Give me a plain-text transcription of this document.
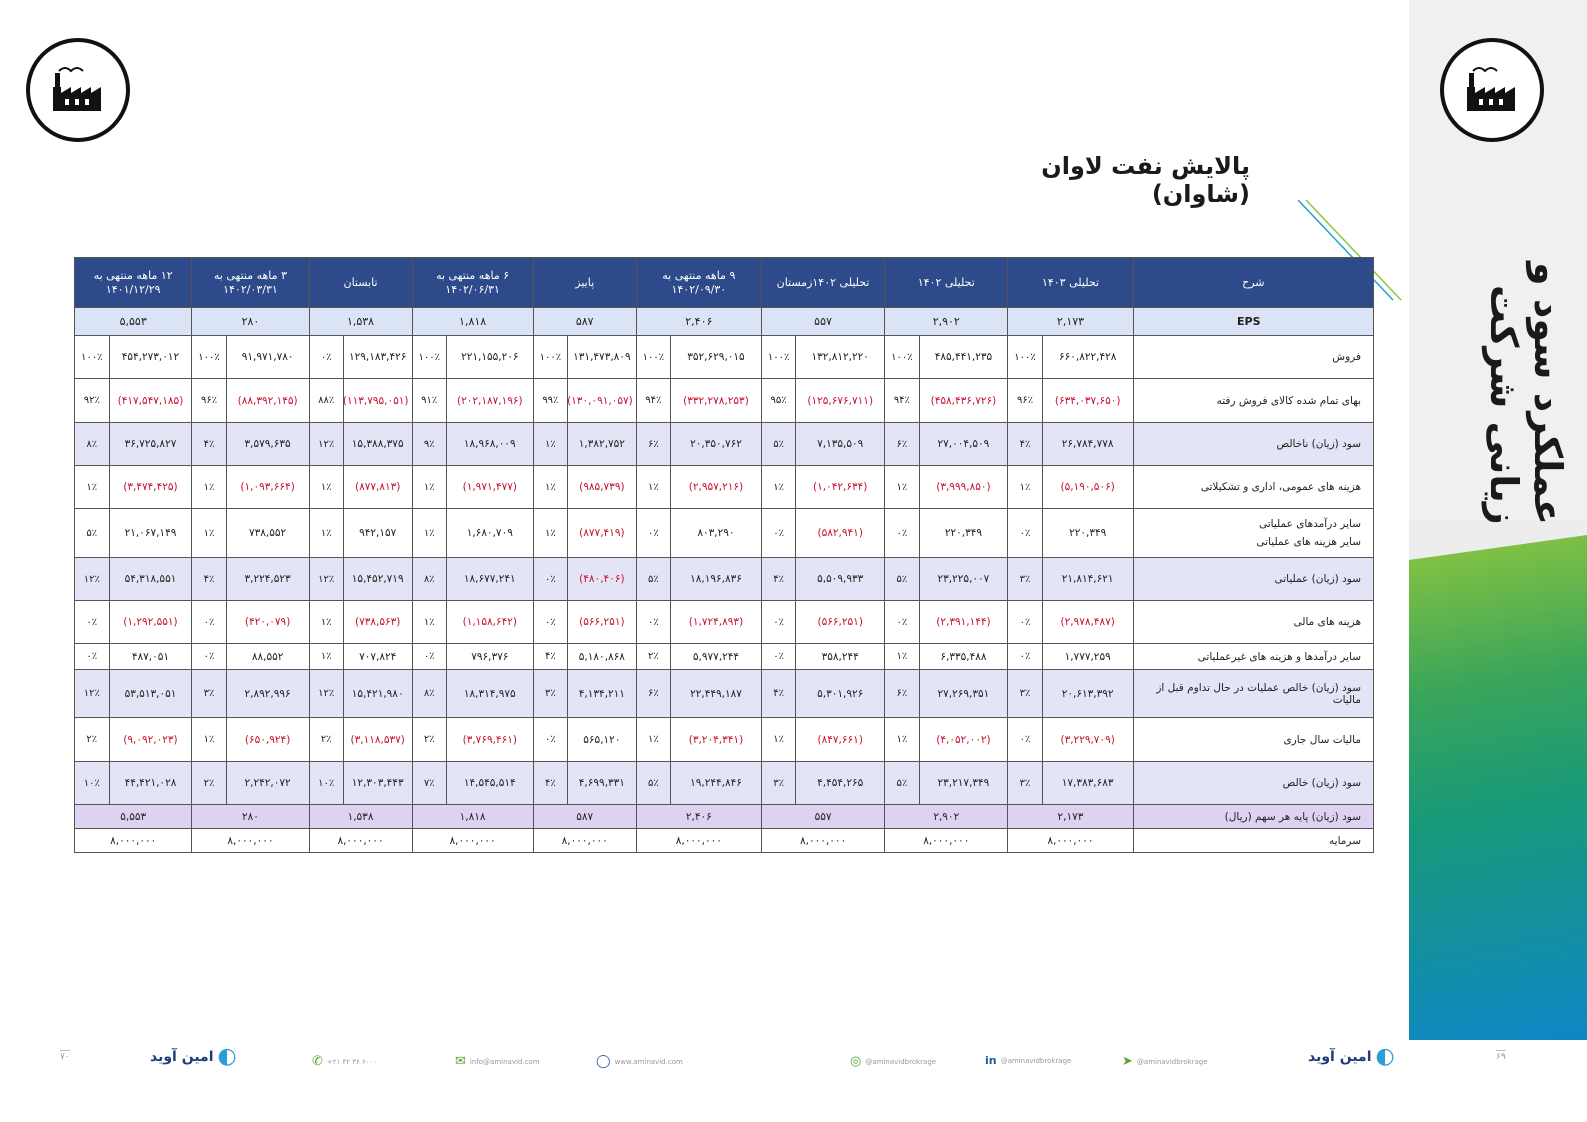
عملکرد سود و زیانی شرکت
پالایش نفت لاوان (شاوان)
شرح	تحلیلی ۱۴۰۳		تحلیلی ۱۴۰۲		تحلیلی ۱۴۰۲زمستان		۹ ماهه منتهی به
۱۴۰۲/۰۹/۳۰		پاییز		۶ ماهه منتهی به
۱۴۰۲/۰۶/۳۱		تابستان		۳ ماهه منتهی به
۱۴۰۲/۰۳/۳۱		۱۲ ماهه منتهی به
۱۴۰۱/۱۲/۲۹	
EPS	۲,۱۷۳		۲,۹۰۲		۵۵۷		۲,۴۰۶		۵۸۷		۱,۸۱۸		۱,۵۳۸		۲۸۰		۵,۵۵۳	

فروش	۶۶۰,۸۲۲,۴۲۸	۱۰۰٪	۴۸۵,۴۴۱,۲۳۵	۱۰۰٪	۱۳۲,۸۱۲,۲۲۰	۱۰۰٪	۳۵۲,۶۲۹,۰۱۵	۱۰۰٪	۱۳۱,۴۷۳,۸۰۹	۱۰۰٪	۲۲۱,۱۵۵,۲۰۶	۱۰۰٪	۱۲۹,۱۸۳,۴۲۶	۰٪	۹۱,۹۷۱,۷۸۰	۱۰۰٪	۴۵۴,۲۷۳,۰۱۲	۱۰۰٪

بهای تمام شده کالای فروش رفته	(۶۳۴,۰۳۷,۶۵۰)	۹۶٪	(۴۵۸,۴۳۶,۷۲۶)	۹۴٪	(۱۲۵,۶۷۶,۷۱۱)	۹۵٪	(۳۳۲,۲۷۸,۲۵۳)	۹۴٪	(۱۳۰,۰۹۱,۰۵۷)	۹۹٪	(۲۰۲,۱۸۷,۱۹۶)	۹۱٪	(۱۱۳,۷۹۵,۰۵۱)	۸۸٪	(۸۸,۳۹۲,۱۴۵)	۹۶٪	(۴۱۷,۵۴۷,۱۸۵)	۹۲٪

سود (زیان) ناخالص	۲۶,۷۸۴,۷۷۸	۴٪	۲۷,۰۰۴,۵۰۹	۶٪	۷,۱۳۵,۵۰۹	۵٪	۲۰,۳۵۰,۷۶۲	۶٪	۱,۳۸۲,۷۵۲	۱٪	۱۸,۹۶۸,۰۰۹	۹٪	۱۵,۳۸۸,۳۷۵	۱۲٪	۳,۵۷۹,۶۳۵	۴٪	۳۶,۷۲۵,۸۲۷	۸٪

هزینه های عمومی، اداری و تشکیلاتی	(۵,۱۹۰,۵۰۶)	۱٪	(۳,۹۹۹,۸۵۰)	۱٪	(۱,۰۴۲,۶۳۴)	۱٪	(۲,۹۵۷,۲۱۶)	۱٪	(۹۸۵,۷۳۹)	۱٪	(۱,۹۷۱,۴۷۷)	۱٪	(۸۷۷,۸۱۳)	۱٪	(۱,۰۹۳,۶۶۴)	۱٪	(۳,۴۷۴,۴۲۵)	۱٪

سایر درآمدهای عملیاتی
سایر هزینه های عملیاتی	۲۲۰,۳۴۹	۰٪	۲۲۰,۳۴۹	۰٪	(۵۸۲,۹۴۱)	۰٪	۸۰۳,۲۹۰	۰٪	(۸۷۷,۴۱۹)	۱٪	۱,۶۸۰,۷۰۹	۱٪	۹۴۲,۱۵۷	۱٪	۷۳۸,۵۵۲	۱٪	۲۱,۰۶۷,۱۴۹	۵٪

سود (زیان) عملیاتی	۲۱,۸۱۴,۶۲۱	۳٪	۲۳,۲۲۵,۰۰۷	۵٪	۵,۵۰۹,۹۳۳	۴٪	۱۸,۱۹۶,۸۳۶	۵٪	(۴۸۰,۴۰۶)	۰٪	۱۸,۶۷۷,۲۴۱	۸٪	۱۵,۴۵۲,۷۱۹	۱۲٪	۳,۲۲۴,۵۲۳	۴٪	۵۴,۳۱۸,۵۵۱	۱۲٪

هزینه های مالی	(۲,۹۷۸,۴۸۷)	۰٪	(۲,۳۹۱,۱۴۴)	۰٪	(۵۶۶,۲۵۱)	۰٪	(۱,۷۲۴,۸۹۳)	۰٪	(۵۶۶,۲۵۱)	۰٪	(۱,۱۵۸,۶۴۲)	۱٪	(۷۳۸,۵۶۳)	۱٪	(۴۲۰,۰۷۹)	۰٪	(۱,۲۹۲,۵۵۱)	۰٪

سایر درآمدها و هزینه های غیرعملیاتی	۱,۷۷۷,۲۵۹	۰٪	۶,۳۳۵,۴۸۸	۱٪	۳۵۸,۲۴۴	۰٪	۵,۹۷۷,۲۴۴	۲٪	۵,۱۸۰,۸۶۸	۴٪	۷۹۶,۳۷۶	۰٪	۷۰۷,۸۲۴	۱٪	۸۸,۵۵۲	۰٪	۴۸۷,۰۵۱	۰٪

سود (زیان) خالص عملیات در حال تداوم قبل از مالیات	۲۰,۶۱۳,۳۹۲	۳٪	۲۷,۲۶۹,۳۵۱	۶٪	۵,۳۰۱,۹۲۶	۴٪	۲۲,۴۴۹,۱۸۷	۶٪	۴,۱۳۴,۲۱۱	۳٪	۱۸,۳۱۴,۹۷۵	۸٪	۱۵,۴۲۱,۹۸۰	۱۲٪	۲,۸۹۲,۹۹۶	۳٪	۵۳,۵۱۳,۰۵۱	۱۲٪

مالیات سال جاری	(۳,۲۲۹,۷۰۹)	۰٪	(۴,۰۵۲,۰۰۲)	۱٪	(۸۴۷,۶۶۱)	۱٪	(۳,۲۰۴,۳۴۱)	۱٪	۵۶۵,۱۲۰	۰٪	(۳,۷۶۹,۴۶۱)	۲٪	(۳,۱۱۸,۵۳۷)	۲٪	(۶۵۰,۹۲۴)	۱٪	(۹,۰۹۲,۰۲۳)	۲٪

سود (زیان) خالص	۱۷,۳۸۳,۶۸۳	۳٪	۲۳,۲۱۷,۳۴۹	۵٪	۴,۴۵۴,۲۶۵	۳٪	۱۹,۲۴۴,۸۴۶	۵٪	۴,۶۹۹,۳۳۱	۴٪	۱۴,۵۴۵,۵۱۴	۷٪	۱۲,۳۰۳,۴۴۳	۱۰٪	۲,۲۴۲,۰۷۲	۲٪	۴۴,۴۲۱,۰۲۸	۱۰٪
سود (زیان) پایه هر سهم (ریال)	۲,۱۷۳		۲,۹۰۲		۵۵۷		۲,۴۰۶		۵۸۷		۱,۸۱۸		۱,۵۳۸		۲۸۰		۵,۵۵۳	
سرمایه	۸,۰۰۰,۰۰۰		۸,۰۰۰,۰۰۰		۸,۰۰۰,۰۰۰		۸,۰۰۰,۰۰۰		۸,۰۰۰,۰۰۰		۸,۰۰۰,۰۰۰		۸,۰۰۰,۰۰۰		۸,۰۰۰,۰۰۰		۸,۰۰۰,۰۰۰	
۷۰	امین آوید ◐	✆ +۲۱ ۴۲ ۳۶ ۶۰۰۰	✉ info@aminavid.com	◯ www.aminavid.com	◎ @aminavidbrokrage	in @aminavidbrokrage	➤ @aminavidbrokrage	امین آوید ◐	۶۹
